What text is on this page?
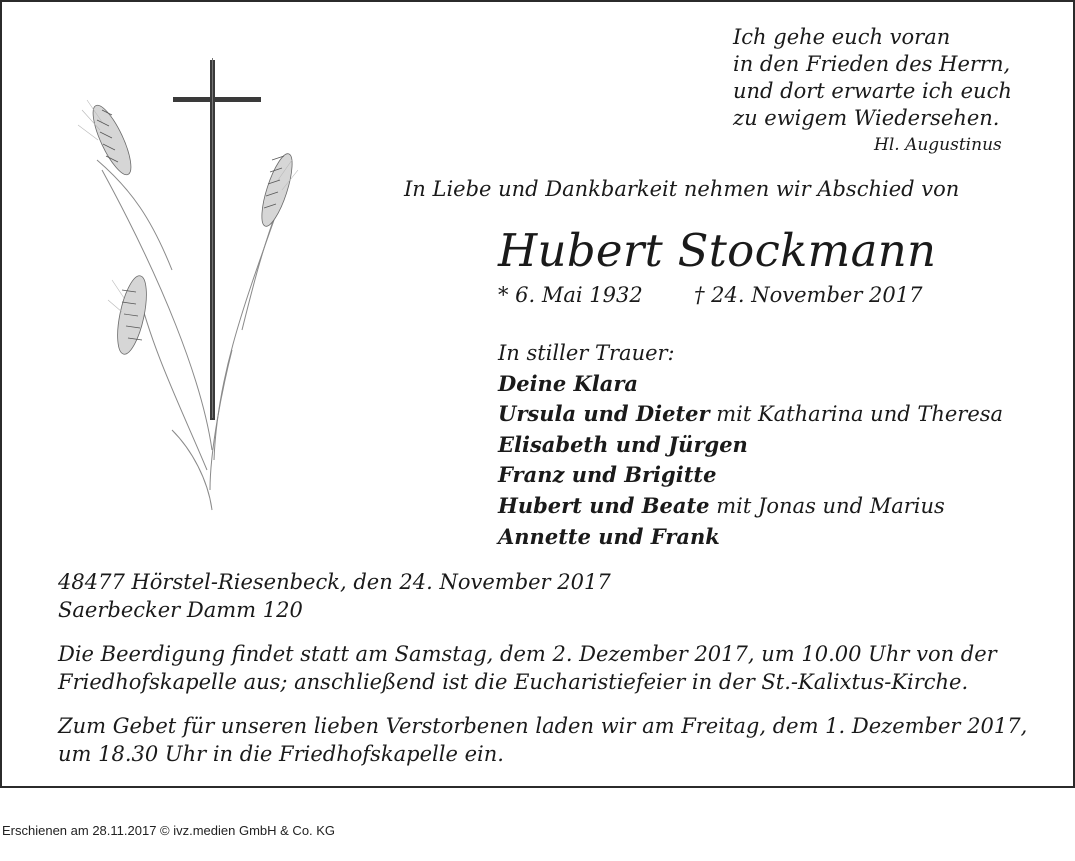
Ich gehe euch voran
in den Frieden des Herrn,
und dort erwarte ich euch
zu ewigem Wiedersehen.
Hl. Augustinus
In Liebe und Dankbarkeit nehmen wir Abschied von
Hubert Stockmann
* 6. Mai 1932 † 24. November 2017
In stiller Trauer:
Deine Klara
Ursula und Dieter mit Katharina und Theresa
Elisabeth und Jürgen
Franz und Brigitte
Hubert und Beate mit Jonas und Marius
Annette und Frank
48477 Hörstel-Riesenbeck, den 24. November 2017
Saerbecker Damm 120
Die Beerdigung findet statt am Samstag, dem 2. Dezember 2017, um 10.00 Uhr von der Friedhofskapelle aus; anschließend ist die Eucharistiefeier in der St.-Kalixtus-Kirche.
Zum Gebet für unseren lieben Verstorbenen laden wir am Freitag, dem 1. Dezember 2017, um 18.30 Uhr in die Friedhofskapelle ein.
Erschienen am 28.11.2017 © ivz.medien GmbH & Co. KG
